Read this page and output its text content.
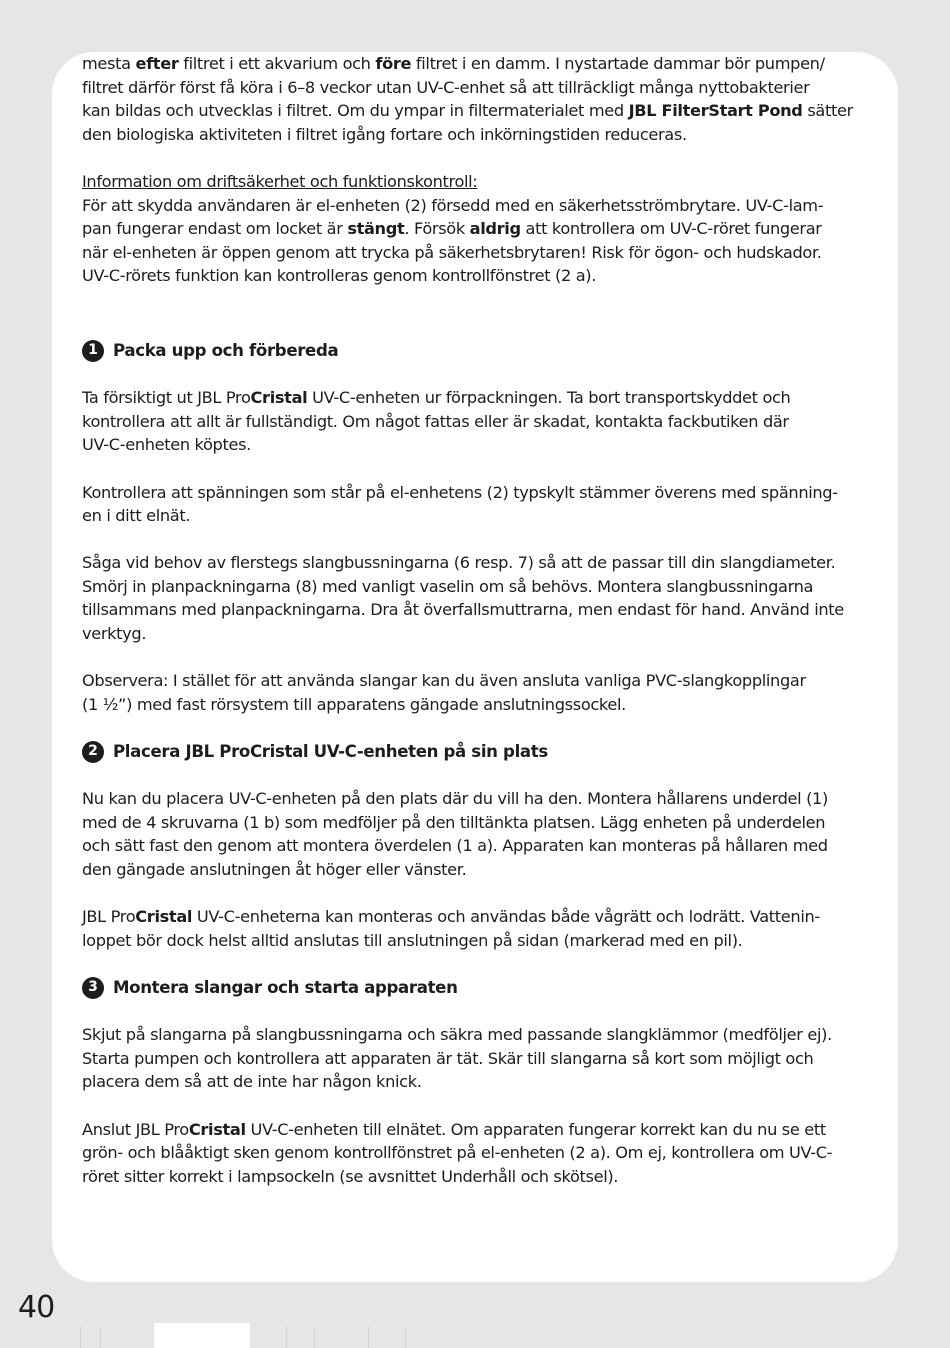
mesta efter filtret i ett akvarium och före filtret i en damm. I nystartade dammar bör pumpen/
filtret därför först få köra i 6–8 veckor utan UV-C-enhet så att tillräckligt många nyttobakterier
kan bildas och utvecklas i filtret. Om du ympar in filtermaterialet med JBL FilterStart Pond sätter
den biologiska aktiviteten i filtret igång fortare och inkörningstiden reduceras.

Information om driftsäkerhet och funktionskontroll:

För att skydda användaren är el-enheten (2) försedd med en säkerhetsströmbrytare. UV-C-lam-
pan fungerar endast om locket är stängt. Försök aldrig att kontrollera om UV-C-röret fungerar
när el-enheten är öppen genom att trycka på säkerhetsbrytaren! Risk för ögon- och hudskador.
UV-C-rörets funktion kan kontrolleras genom kontrollfönstret (2 a).

1 Packa upp och förbereda

Ta försiktigt ut JBL ProCristal UV-C-enheten ur förpackningen. Ta bort transportskyddet och
kontrollera att allt är fullständigt. Om något fattas eller är skadat, kontakta fackbutiken där
UV-C-enheten köptes.

Kontrollera att spänningen som står på el-enhetens (2) typskylt stämmer överens med spänning-
en i ditt elnät.

Såga vid behov av flerstegs slangbussningarna (6 resp. 7) så att de passar till din slangdiameter.
Smörj in planpackningarna (8) med vanligt vaselin om så behövs. Montera slangbussningarna
tillsammans med planpackningarna. Dra åt överfallsmuttrarna, men endast för hand. Använd inte
verktyg.

Observera: I stället för att använda slangar kan du även ansluta vanliga PVC-slangkopplingar
(1 ½”) med fast rörsystem till apparatens gängade anslutningssockel.

2 Placera JBL ProCristal UV-C-enheten på sin plats

Nu kan du placera UV-C-enheten på den plats där du vill ha den. Montera hållarens underdel (1)
med de 4 skruvarna (1 b) som medföljer på den tilltänkta platsen. Lägg enheten på underdelen
och sätt fast den genom att montera överdelen (1 a). Apparaten kan monteras på hållaren med
den gängade anslutningen åt höger eller vänster.

JBL ProCristal UV-C-enheterna kan monteras och användas både vågrätt och lodrätt. Vattenin-
loppet bör dock helst alltid anslutas till anslutningen på sidan (markerad med en pil).

3 Montera slangar och starta apparaten

Skjut på slangarna på slangbussningarna och säkra med passande slangklämmor (medföljer ej).
Starta pumpen och kontrollera att apparaten är tät. Skär till slangarna så kort som möjligt och
placera dem så att de inte har någon knick.

Anslut JBL ProCristal UV-C-enheten till elnätet. Om apparaten fungerar korrekt kan du nu se ett
grön- och blååktigt sken genom kontrollfönstret på el-enheten (2 a). Om ej, kontrollera om UV-C-
röret sitter korrekt i lampsockeln (se avsnittet Underhåll och skötsel).

40
